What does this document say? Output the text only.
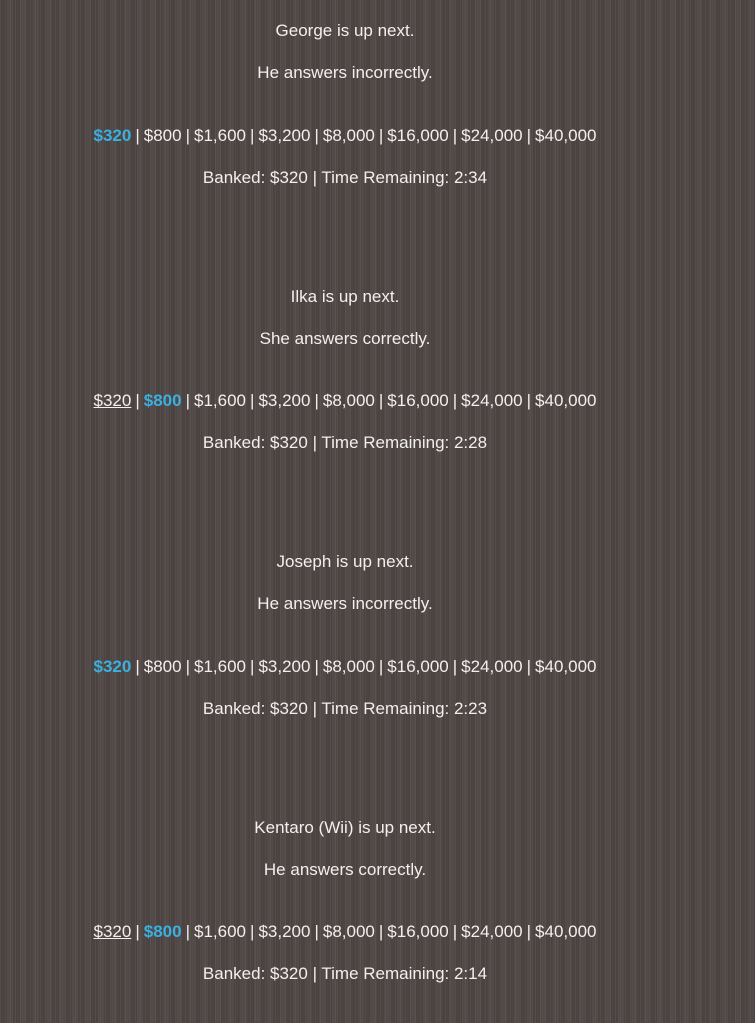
George is up next.
He answers incorrectly.
$320 | $800 | $1,600 | $3,200 | $8,000 | $16,000 | $24,000 | $40,000
Banked: $320 | Time Remaining: 2:34
Ilka is up next.
She answers correctly.
$320 | $800 | $1,600 | $3,200 | $8,000 | $16,000 | $24,000 | $40,000
Banked: $320 | Time Remaining: 2:28
Joseph is up next.
He answers incorrectly.
$320 | $800 | $1,600 | $3,200 | $8,000 | $16,000 | $24,000 | $40,000
Banked: $320 | Time Remaining: 2:23
Kentaro (Wii) is up next.
He answers correctly.
$320 | $800 | $1,600 | $3,200 | $8,000 | $16,000 | $24,000 | $40,000
Banked: $320 | Time Remaining: 2:14
